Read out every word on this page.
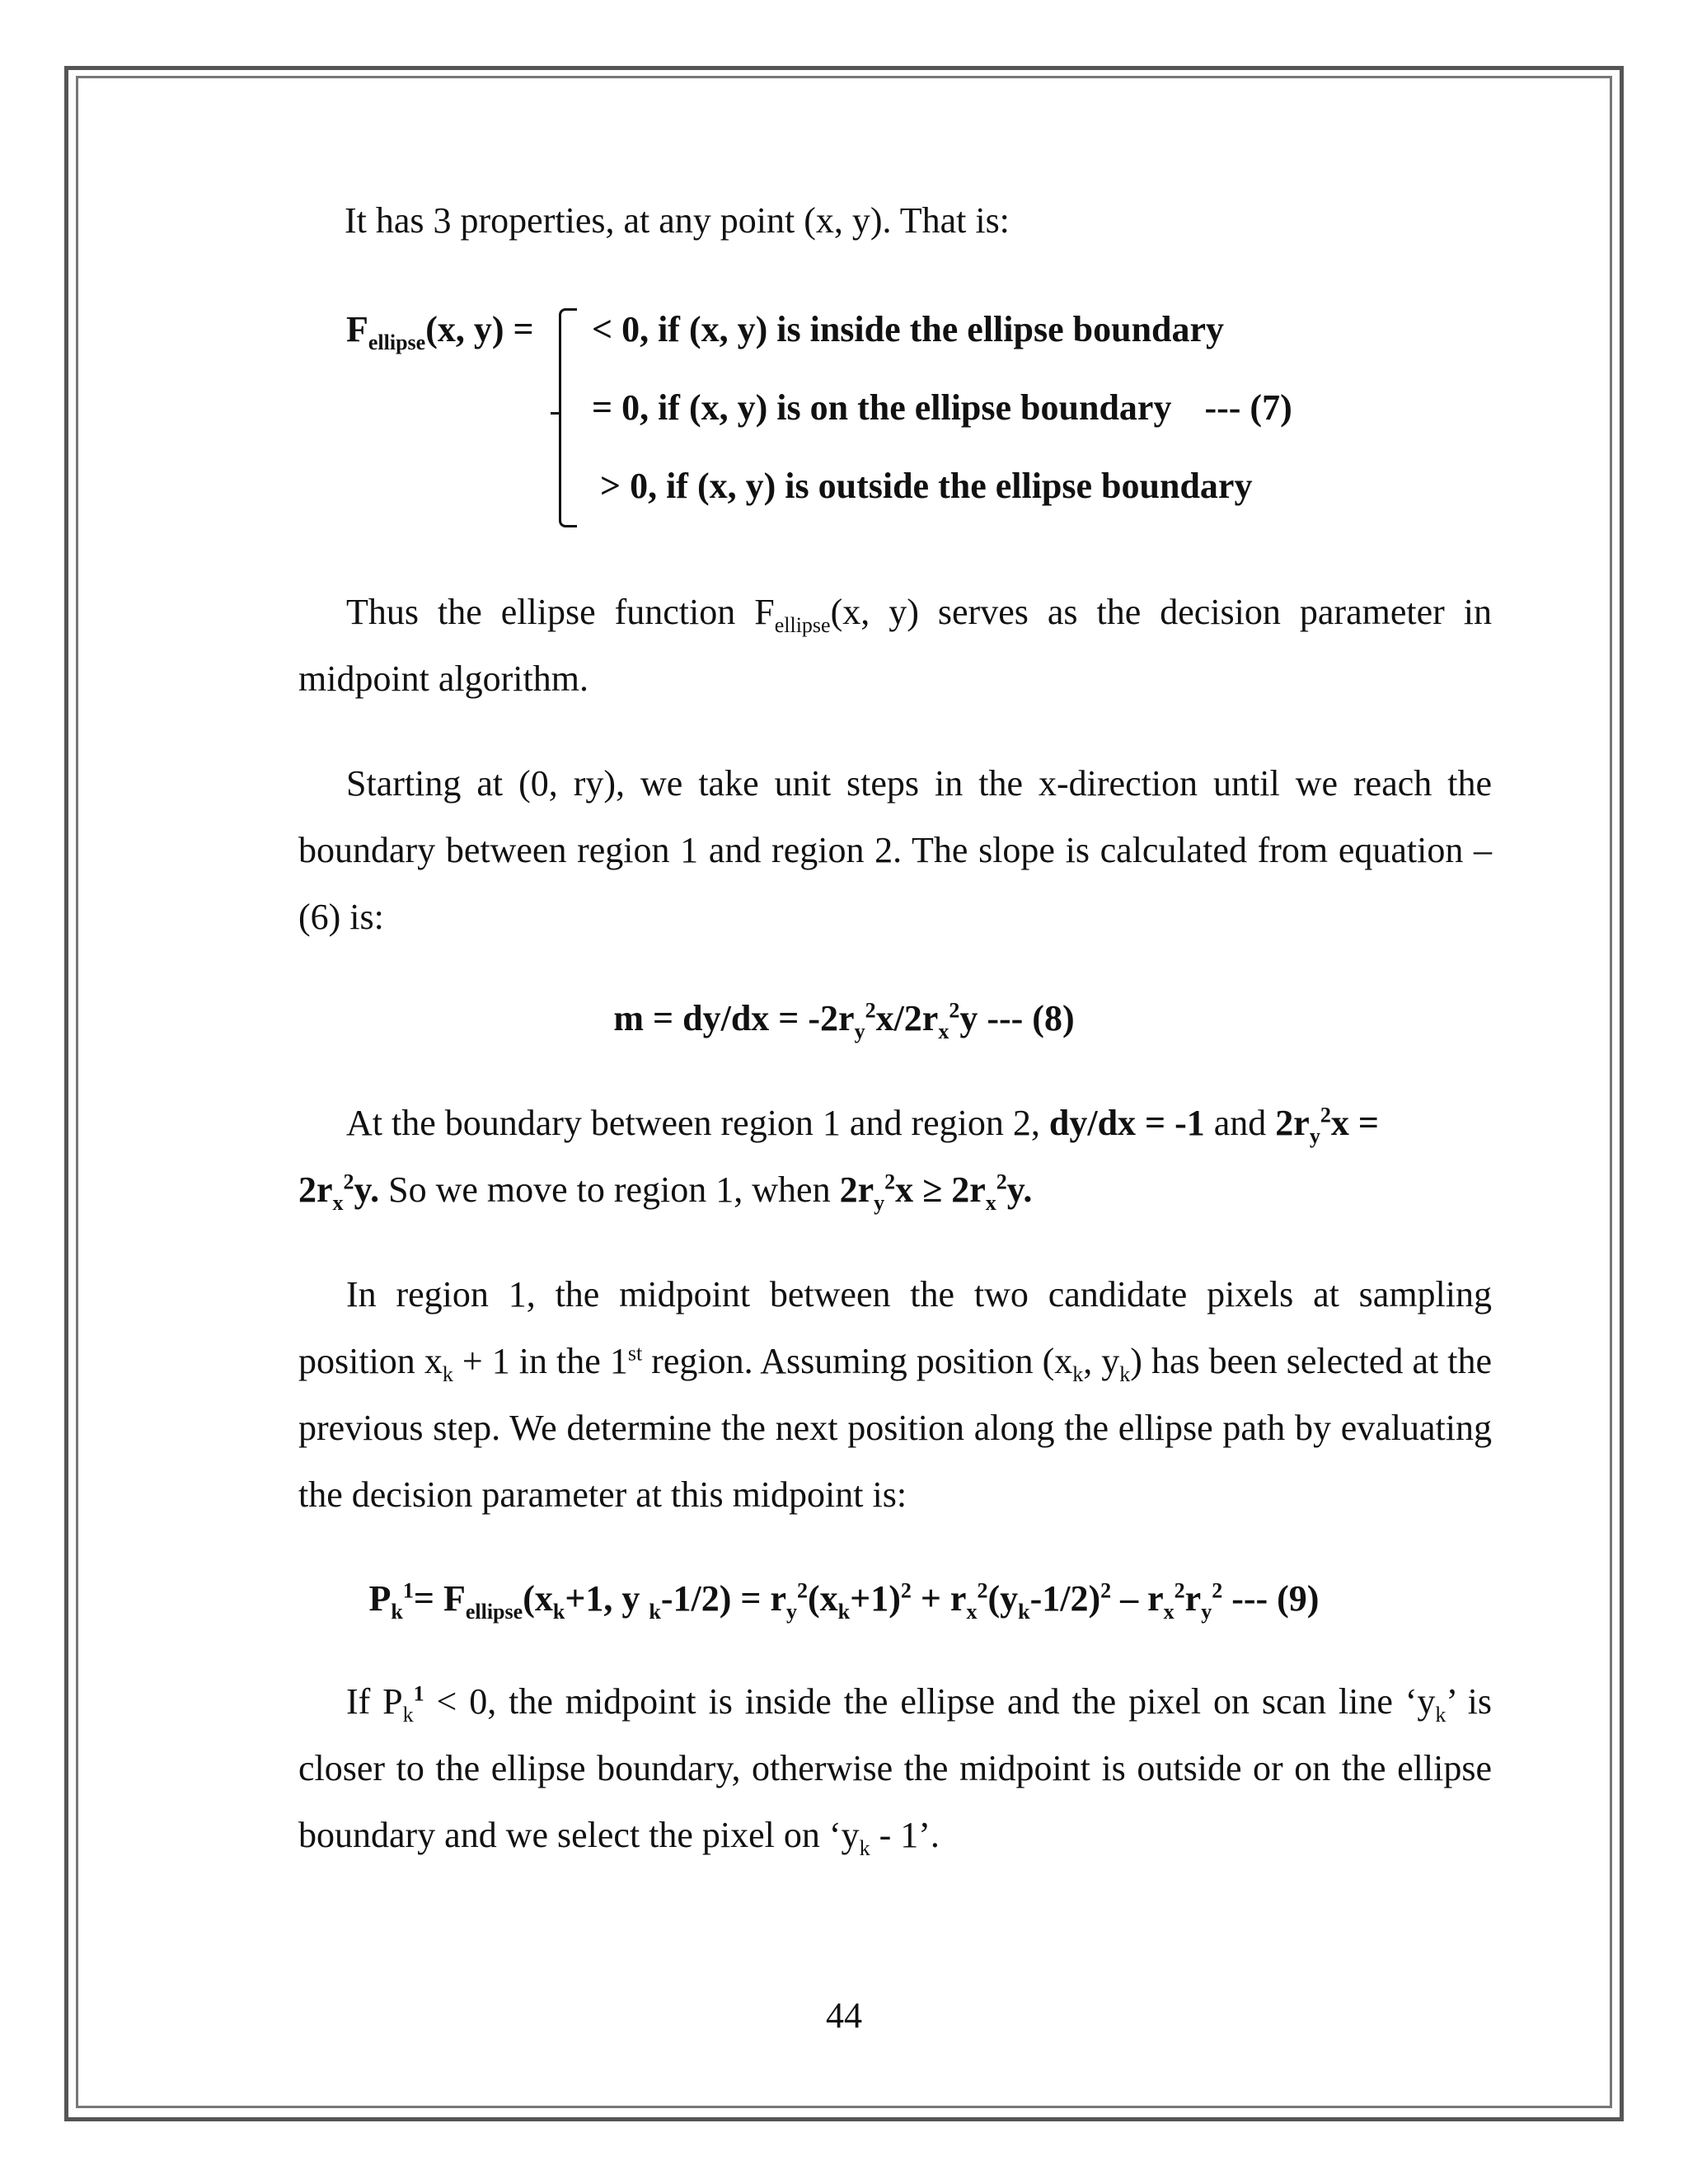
It has 3 properties, at any point (x, y). That is:
$F_{ellipse}(x$, y) = < 0, if (x, y) is inside the ellipse boundary
= 0, if (x, y) is on the ellipse boundary --- (7)
> 0, if (x, y) is outside the ellipse boundary
Thus the ellipse function $F_{ellipse}(x$, y) serves as the decision parameter in midpoint algorithm.
Starting at (0, ry), we take unit steps in the x-direction until we reach the boundary between region 1 and region 2. The slope is calculated from equation – (6) is:
$m = dy/dx = -2r_y^2x/2r_x^2y$ --- (8)
At the boundary between region 1 and region 2, dy/dx = -1 and $2r_y^2x$ =
$2r_x^2y$. So we move to region 1, when $2r_y^2x \ge 2r_x^2y$.
In region 1, the midpoint between the two candidate pixels at sampling position $x_k + 1$ in the 1st region. Assuming position ($x_k$, $y_k$) has been selected at the previous step. We determine the next position along the ellipse path by evaluating the decision parameter at this midpoint is:
$P_k^1= F_{ellipse}(x_k+1$, y $_k-1/2) = r_y^2(x_k+1)^2 + r_x^2(y_k-1/2)^2 - r_x^2r_y^2$ --- (9)
If $P_k^1 < 0$, the midpoint is inside the ellipse and the pixel on scan line ‘$y_k$’ is closer to the ellipse boundary, otherwise the midpoint is outside or on the ellipse boundary and we select the pixel on ‘$y_k - 1$’.
44
